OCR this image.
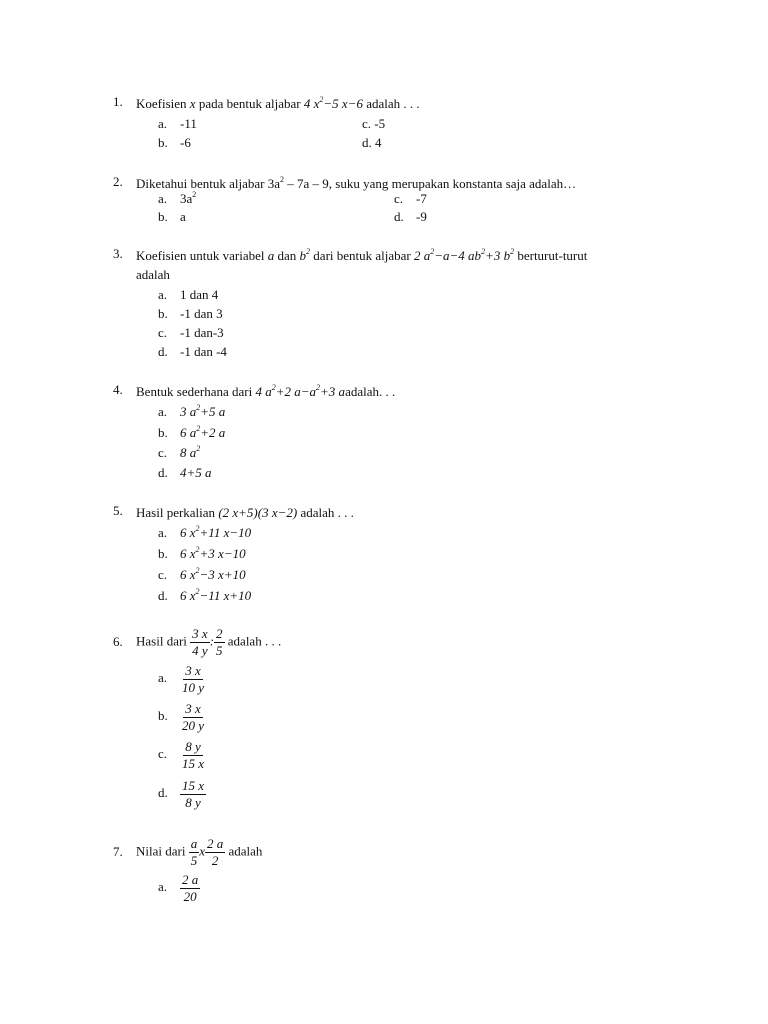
1. Koefisien x pada bentuk aljabar 4 $x^2-5$ x−6 adalah . . .
a. -11
b. -6
c. -5
d. 4
2. Diketahui bentuk aljabar $3a^2 - 7a - 9$, suku yang merupakan konstanta saja adalah…
a. $3a^2$
b. a
c. -7
d. -9
3. Koefisien untuk variabel a dan $b^2$ dari bentuk aljabar 2 $a^2-a-4$ $ab^2+3$ $b^2$ berturut-turut
adalah
a. 1 dan 4
b. -1 dan 3
c. -1 dan-3
d. -1 dan -4
4. Bentuk sederhana dari 4 $a^2+2$ $a-a^2+3$ aadalah. . .
a. 3 $a^2+5$ a
b. 6 $a^2+2$ a
c. 8 $a^2$
d. 4+5 a
5. Hasil perkalian (2 x+5)(3 x−2) adalah . . .
a. 6 $x^2+11$ x−10
b. 6 $x^2+3$ x−10
c. 6 $x^2-3$ x+10
d. 6 $x^2-11$ x+10
6. Hasil dari $\frac{3 x}{4 y}$ : $\frac{2}{5}$ adalah . . .
a. $\frac{3 x}{10 y}$
b. $\frac{3 x}{20 y}$
c. $\frac{8 y}{15 x}$
d. $\frac{15 x}{8 y}$
7. Nilai dari $\frac{a}{5}$ x $\frac{2 a}{2}$ adalah
a. $\frac{2 a}{20}$
